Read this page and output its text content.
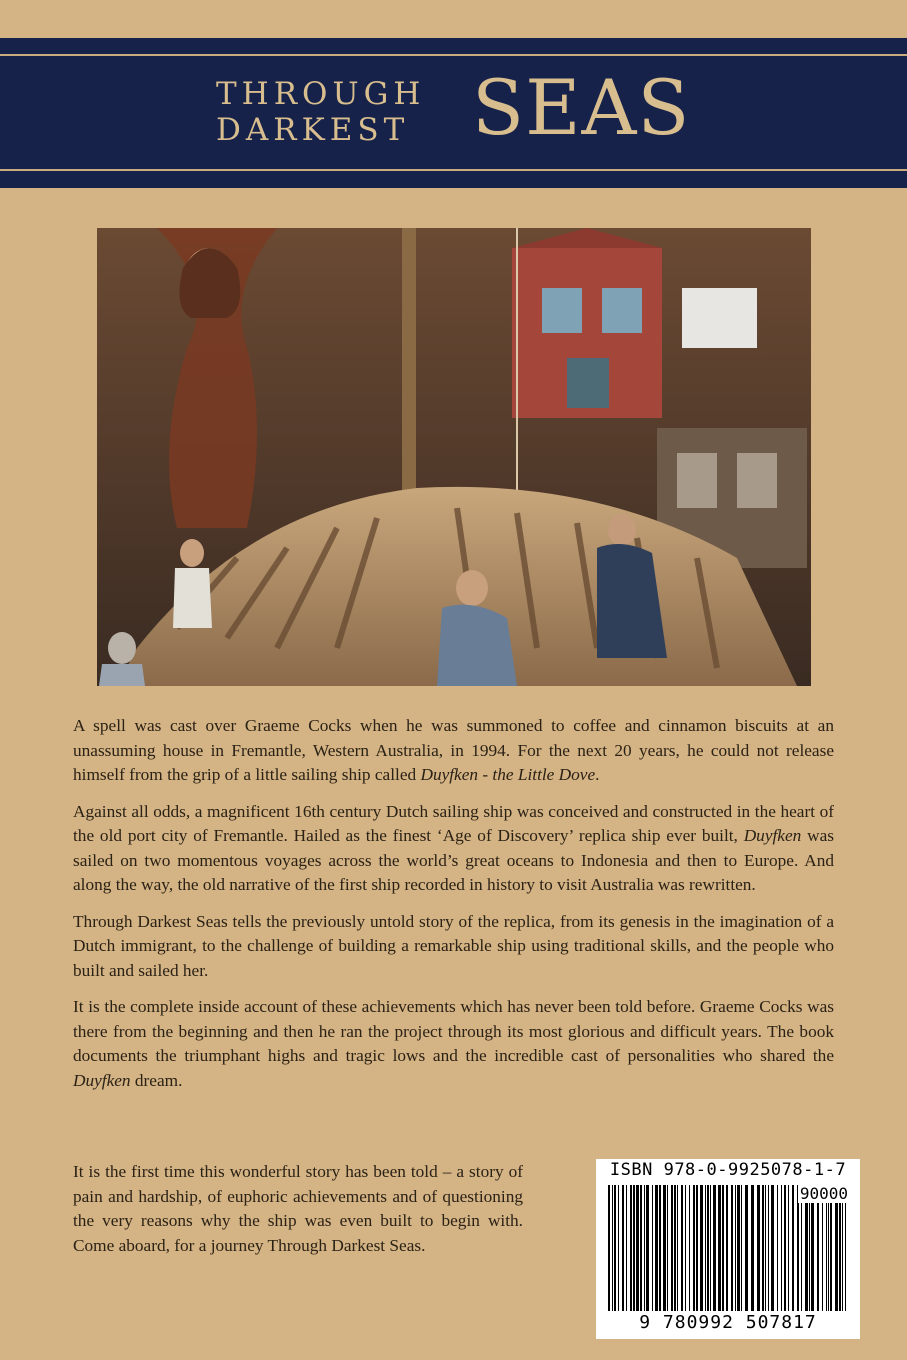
THROUGH
DARKEST SEAS

A spell was cast over Graeme Cocks when he was summoned to coffee and cinnamon biscuits at an unassuming house in Fremantle, Western Australia, in 1994. For the next 20 years, he could not release himself from the grip of a little sailing ship called Duyfken - the Little Dove.

Against all odds, a magnificent 16th century Dutch sailing ship was conceived and constructed in the heart of the old port city of Fremantle. Hailed as the finest ‘Age of Discovery’ replica ship ever built, Duyfken was sailed on two momentous voyages across the world’s great oceans to Indonesia and then to Europe. And along the way, the old narrative of the first ship recorded in history to visit Australia was rewritten.

Through Darkest Seas tells the previously untold story of the replica, from its genesis in the imagination of a Dutch immigrant, to the challenge of building a remarkable ship using traditional skills, and the people who built and sailed her.

It is the complete inside account of these achievements which has never been told before. Graeme Cocks was there from the beginning and then he ran the project through its most glorious and difficult years. The book documents the triumphant highs and tragic lows and the incredible cast of personalities who shared the Duyfken dream.

It is the first time this wonderful story has been told – a story of pain and hardship, of euphoric achievements and of questioning the very reasons why the ship was even built to begin with. Come aboard, for a journey Through Darkest Seas.

ISBN 978-0-9925078-1-7
90000
9 780992 507817
